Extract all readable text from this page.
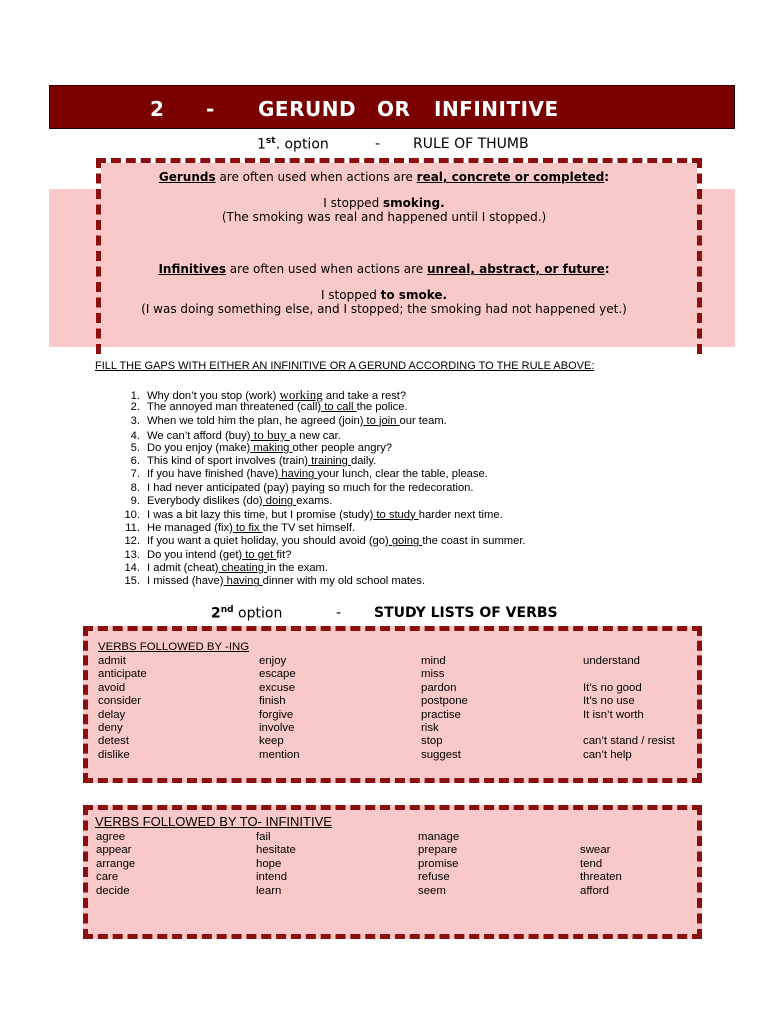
2 - GERUND OR INFINITIVE
1st. option	- RULE OF THUMB
Gerunds are often used when actions are real, concrete or completed:
I stopped smoking.
(The smoking was real and happened until I stopped.)
Infinitives are often used when actions are unreal, abstract, or future:
I stopped to smoke.
(I was doing something else, and I stopped; the smoking had not happened yet.)
FILL THE GAPS WITH EITHER AN INFINITIVE OR A GERUND ACCORDING TO THE RULE ABOVE:
1. Why don’t you stop (work) working and take a rest?
2. The annoyed man threatened (call) to call the police.
3. When we told him the plan, he agreed (join) to join our team.
4. We can’t afford (buy) to buy a new car.
5. Do you enjoy (make) making other people angry?
6. This kind of sport involves (train) training daily.
7. If you have finished (have) having your lunch, clear the table, please.
8. I had never anticipated (pay) paying so much for the redecoration.
9. Everybody dislikes (do) doing exams.
10. I was a bit lazy this time, but I promise (study) to study harder next time.
11. He managed (fix) to fix the TV set himself.
12. If you want a quiet holiday, you should avoid (go) going the coast in summer.
13. Do you intend (get) to get fit?
14. I admit (cheat) cheating in the exam.
15. I missed (have) having dinner with my old school mates.
2nd option	- STUDY LISTS OF VERBS
VERBS FOLLOWED BY -ING
admit
anticipate
avoid
consider
delay
deny
detest
dislike
enjoy
escape
excuse
finish
forgive
involve
keep
mention
mind
miss
pardon
postpone
practise
risk
stop
suggest
understand
It’s no good
It’s no use
It isn’t worth
can’t stand / resist
can’t help
VERBS FOLLOWED BY TO- INFINITIVE
agree
appear
arrange
care
decide
fail
hesitate
hope
intend
learn
manage
prepare
promise
refuse
seem
swear
tend
threaten
afford
